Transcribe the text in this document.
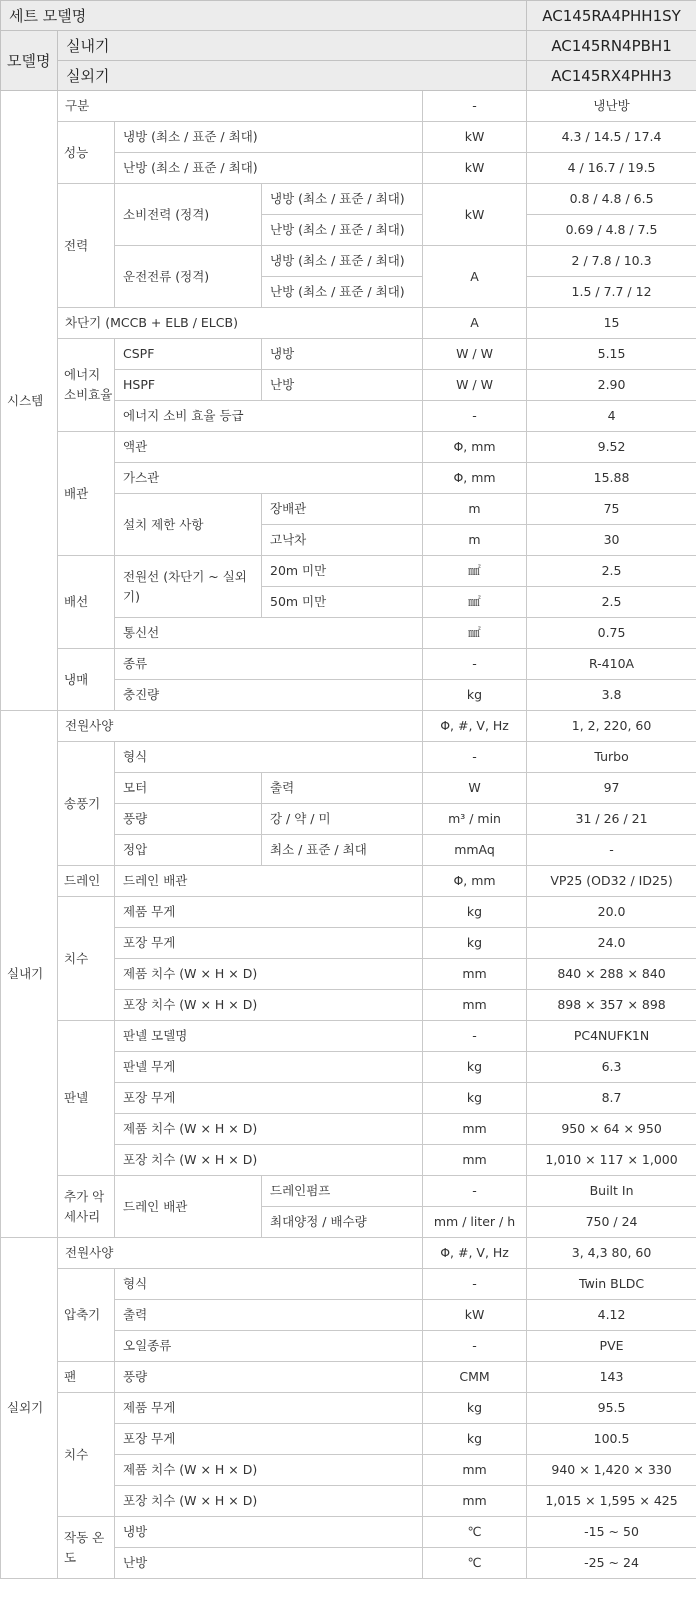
세트 모델명					AC145RA4PHH1SY
모델명	실내기				AC145RN4PBH1
	실외기				AC145RX4PHH3
시스템	구분			-	냉난방
	성능	냉방 (최소 / 표준 / 최대)		kW	4.3 / 14.5 / 17.4
		난방 (최소 / 표준 / 최대)		kW	4 / 16.7 / 19.5
	전력	소비전력 (정격)	냉방 (최소 / 표준 / 최대)	kW	0.8 / 4.8 / 6.5
			난방 (최소 / 표준 / 최대)		0.69 / 4.8 / 7.5
		운전전류 (정격)	냉방 (최소 / 표준 / 최대)	A	2 / 7.8 / 10.3
			난방 (최소 / 표준 / 최대)		1.5 / 7.7 / 12
	차단기 (MCCB + ELB / ELCB)			A	15
	에너지 소비효율	CSPF	냉방	W / W	5.15
		HSPF	난방	W / W	2.90
		에너지 소비 효율 등급		-	4
	배관	액관		Φ, mm	9.52
		가스관		Φ, mm	15.88
		설치 제한 사항	장배관	m	75
			고낙차	m	30
	배선	전원선 (차단기 ~ 실외기)	20m 미만	㎟	2.5
			50m 미만	㎟	2.5
		통신선		㎟	0.75
	냉매	종류		-	R-410A
		충진량		kg	3.8
실내기	전원사양			Φ, #, V, Hz	1, 2, 220, 60
	송풍기	형식		-	Turbo
		모터	출력	W	97
		풍량	강 / 약 / 미	m³ / min	31 / 26 / 21
		정압	최소 / 표준 / 최대	mmAq	-
	드레인	드레인 배관		Φ, mm	VP25 (OD32 / ID25)
	치수	제품 무게		kg	20.0
		포장 무게		kg	24.0
		제품 치수 (W × H × D)		mm	840 × 288 × 840
		포장 치수 (W × H × D)		mm	898 × 357 × 898
	판넬	판넬 모델명		-	PC4NUFK1N
		판넬 무게		kg	6.3
		포장 무게		kg	8.7
		제품 치수 (W × H × D)		mm	950 × 64 × 950
		포장 치수 (W × H × D)		mm	1,010 × 117 × 1,000
	추가 악세사리	드레인 배관	드레인펌프	-	Built In
			최대양정 / 배수량	mm / liter / h	750 / 24
실외기	전원사양			Φ, #, V, Hz	3, 4,3 80, 60
	압축기	형식		-	Twin BLDC
		출력		kW	4.12
		오일종류		-	PVE
	팬	풍량		CMM	143
	치수	제품 무게		kg	95.5
		포장 무게		kg	100.5
		제품 치수 (W × H × D)		mm	940 × 1,420 × 330
		포장 치수 (W × H × D)		mm	1,015 × 1,595 × 425
	작동 온도	냉방		℃	-15 ~ 50
		난방		℃	-25 ~ 24
